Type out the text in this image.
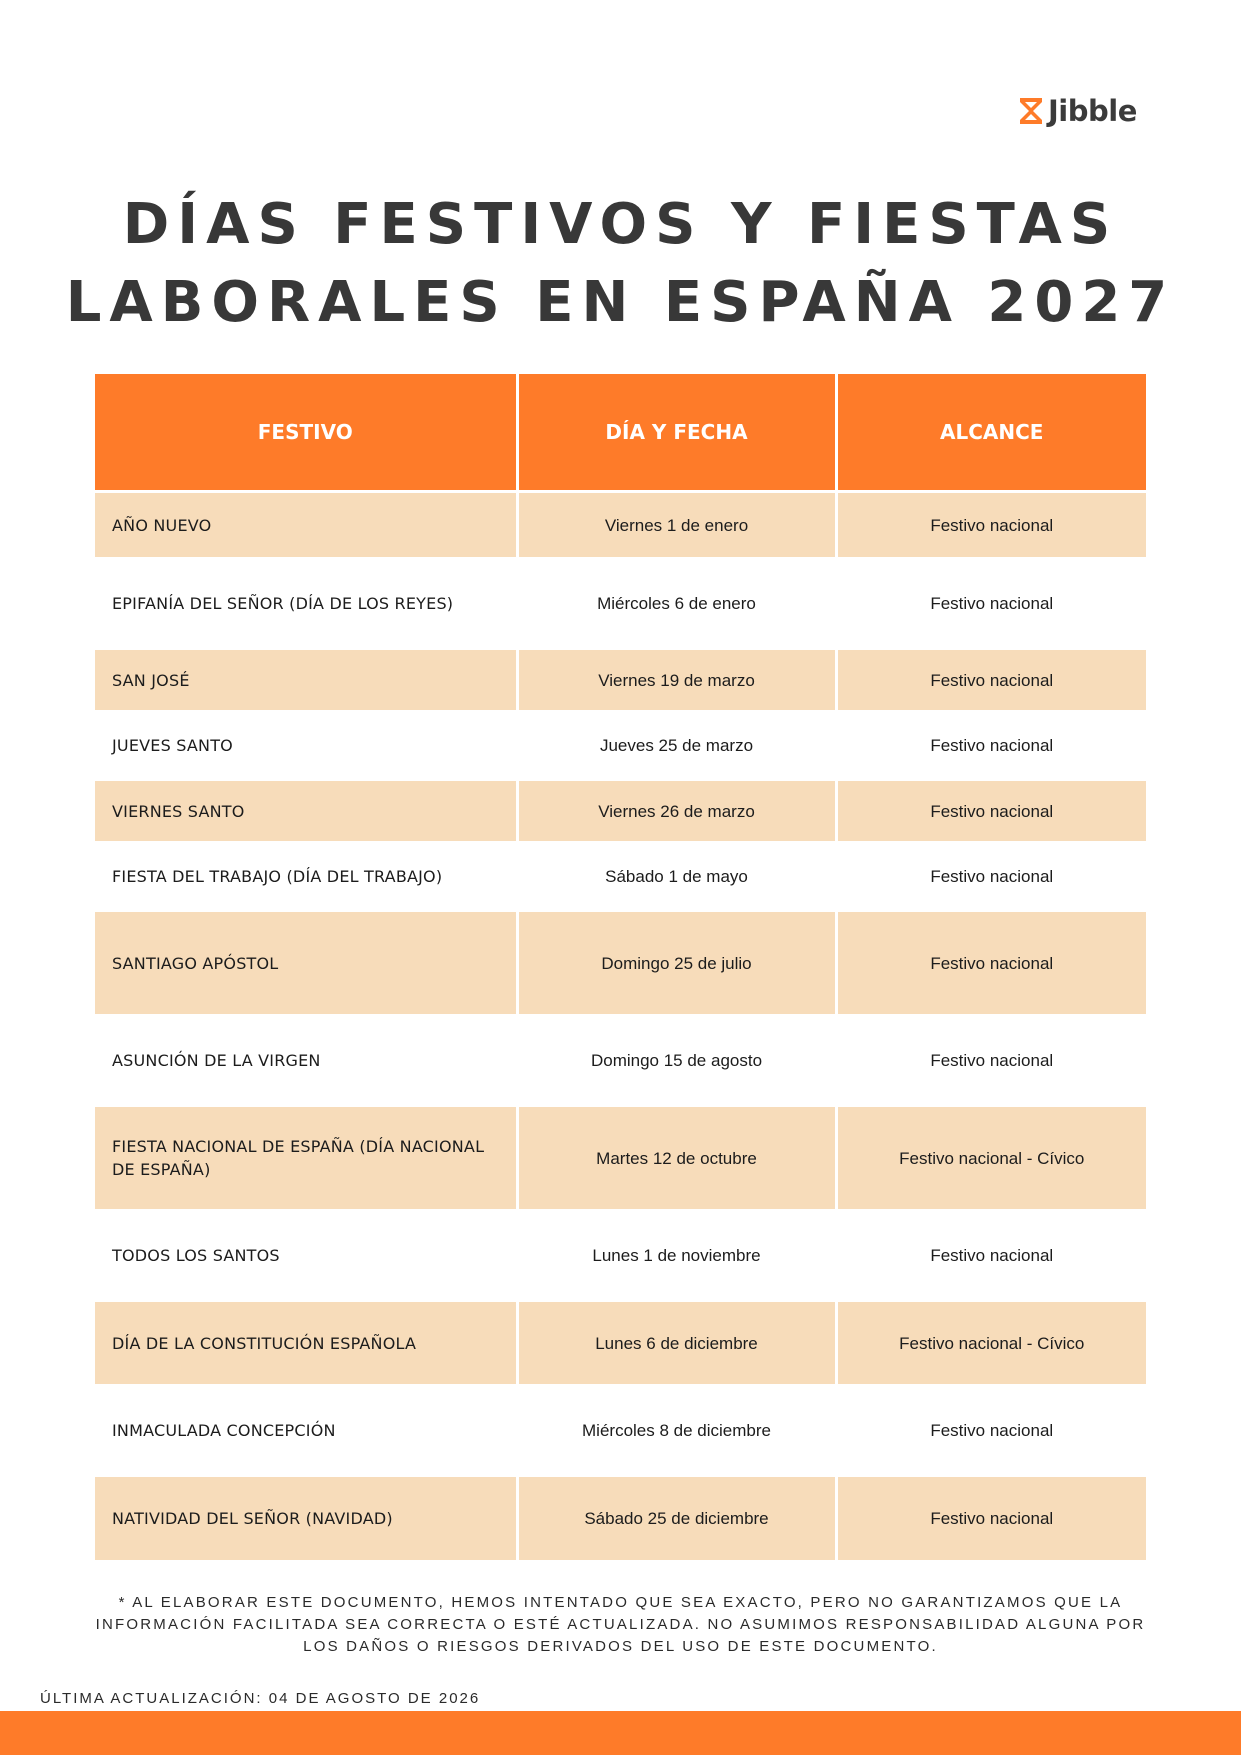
Jibble
DÍAS FESTIVOS Y FIESTAS
LABORALES EN ESPAÑA 2027
FESTIVO	DÍA Y FECHA	ALCANCE
AÑO NUEVO	Viernes 1 de enero	Festivo nacional
EPIFANÍA DEL SEÑOR (DÍA DE LOS REYES)	Miércoles 6 de enero	Festivo nacional
SAN JOSÉ	Viernes 19 de marzo	Festivo nacional
JUEVES SANTO	Jueves 25 de marzo	Festivo nacional
VIERNES SANTO	Viernes 26 de marzo	Festivo nacional
FIESTA DEL TRABAJO (DÍA DEL TRABAJO)	Sábado 1 de mayo	Festivo nacional
SANTIAGO APÓSTOL	Domingo 25 de julio	Festivo nacional
ASUNCIÓN DE LA VIRGEN	Domingo 15 de agosto	Festivo nacional
FIESTA NACIONAL DE ESPAÑA (DÍA NACIONAL DE ESPAÑA)	Martes 12 de octubre	Festivo nacional - Cívico
TODOS LOS SANTOS	Lunes 1 de noviembre	Festivo nacional
DÍA DE LA CONSTITUCIÓN ESPAÑOLA	Lunes 6 de diciembre	Festivo nacional - Cívico
INMACULADA CONCEPCIÓN	Miércoles 8 de diciembre	Festivo nacional
NATIVIDAD DEL SEÑOR (NAVIDAD)	Sábado 25 de diciembre	Festivo nacional

* AL ELABORAR ESTE DOCUMENTO, HEMOS INTENTADO QUE SEA EXACTO, PERO NO GARANTIZAMOS QUE LA INFORMACIÓN FACILITADA SEA CORRECTA O ESTÉ ACTUALIZADA. NO ASUMIMOS RESPONSABILIDAD ALGUNA POR LOS DAÑOS O RIESGOS DERIVADOS DEL USO DE ESTE DOCUMENTO.

ÚLTIMA ACTUALIZACIÓN: 04 DE AGOSTO DE 2026
